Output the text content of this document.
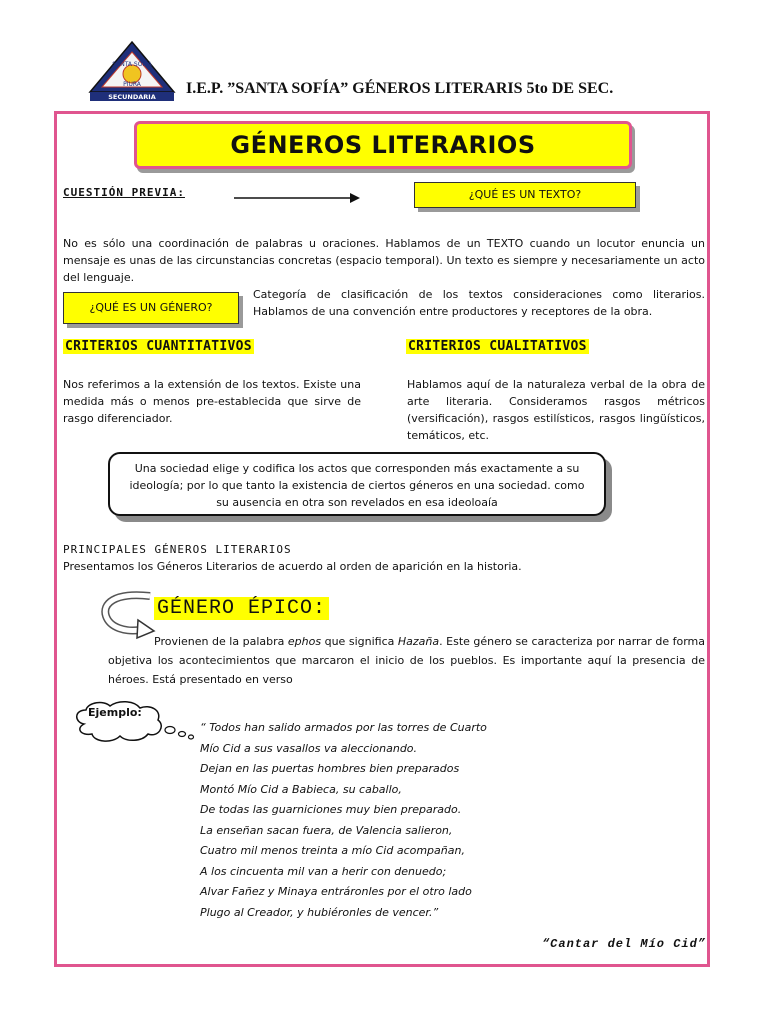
SANTA SOFÍA
PIURA
SECUNDARIA I.E.P. ”SANTA SOFÍA” GÉNEROS LITERARIS 5to DE SEC.
GÉNEROS LITERARIOS
CUESTIÓN PREVIA:	¿QUÉ ES UN TEXTO?
No es sólo una coordinación de palabras u oraciones. Hablamos de un TEXTO cuando un locutor enuncia un mensaje es unas de las circunstancias concretas (espacio temporal). Un texto es siempre y necesariamente un acto del lenguaje.
¿QUÉ ES UN GÉNERO?
Categoría de clasificación de los textos consideraciones como literarios. Hablamos de una convención entre productores y receptores de la obra.
CRITERIOS CUANTITATIVOS	CRITERIOS CUALITATIVOS
Nos referimos a la extensión de los textos. Existe una medida más o menos pre-establecida que sirve de rasgo diferenciador.
Hablamos aquí de la naturaleza verbal de la obra de arte literaria. Consideramos rasgos métricos (versificación), rasgos estilísticos, rasgos lingüísticos, temáticos, etc.
Una sociedad elige y codifica los actos que corresponden más exactamente a su ideología; por lo que tanto la existencia de ciertos géneros en una sociedad. como su ausencia en otra son revelados en esa ideoloaía
PRINCIPALES GÉNEROS LITERARIOS
Presentamos los Géneros Literarios de acuerdo al orden de aparición en la historia.
GÉNERO ÉPICO:
Provienen de la palabra ephos que significa Hazaña. Este género se caracteriza por narrar de forma objetiva los acontecimientos que marcaron el inicio de los pueblos. Es importante aquí la presencia de héroes. Está presentado en verso
Ejemplo:
“ Todos han salido armados por las torres de Cuarto
Mío Cid a sus vasallos va aleccionando.
Dejan en las puertas hombres bien preparados
Montó Mío Cid a Babieca, su caballo,
De todas las guarniciones muy bien preparado.
La enseñan sacan fuera, de Valencia salieron,
Cuatro mil menos treinta a mío Cid acompañan,
A los cincuenta mil van a herir con denuedo;
Alvar Fañez y Minaya entráronles por el otro lado
Plugo al Creador, y hubiéronles de vencer.”
“Cantar del Mío Cid”
